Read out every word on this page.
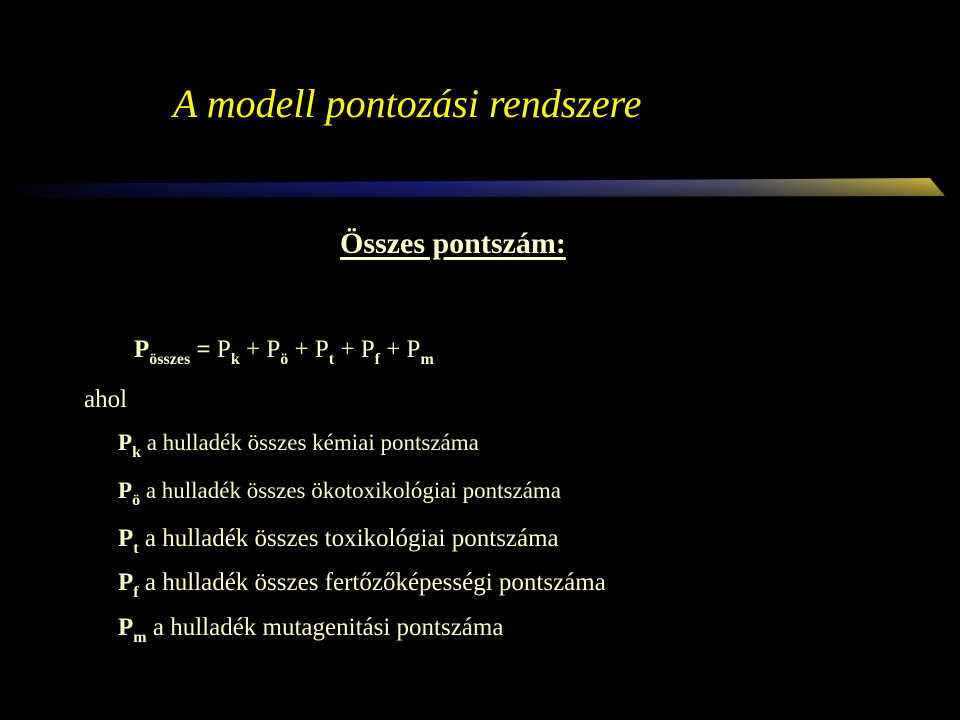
A modell pontozási rendszere
Összes pontszám:
$P_{összes} = P_k + P_ö + P_t + P_f + P_m$
ahol
$P_k$ a hulladék összes kémiai pontszáma
$P_ö$ a hulladék összes ökotoxikológiai pontszáma
$P_t$ a hulladék összes toxikológiai pontszáma
$P_f$ a hulladék összes fertőzőképességi pontszáma
$P_m$ a hulladék mutagenitási pontszáma
